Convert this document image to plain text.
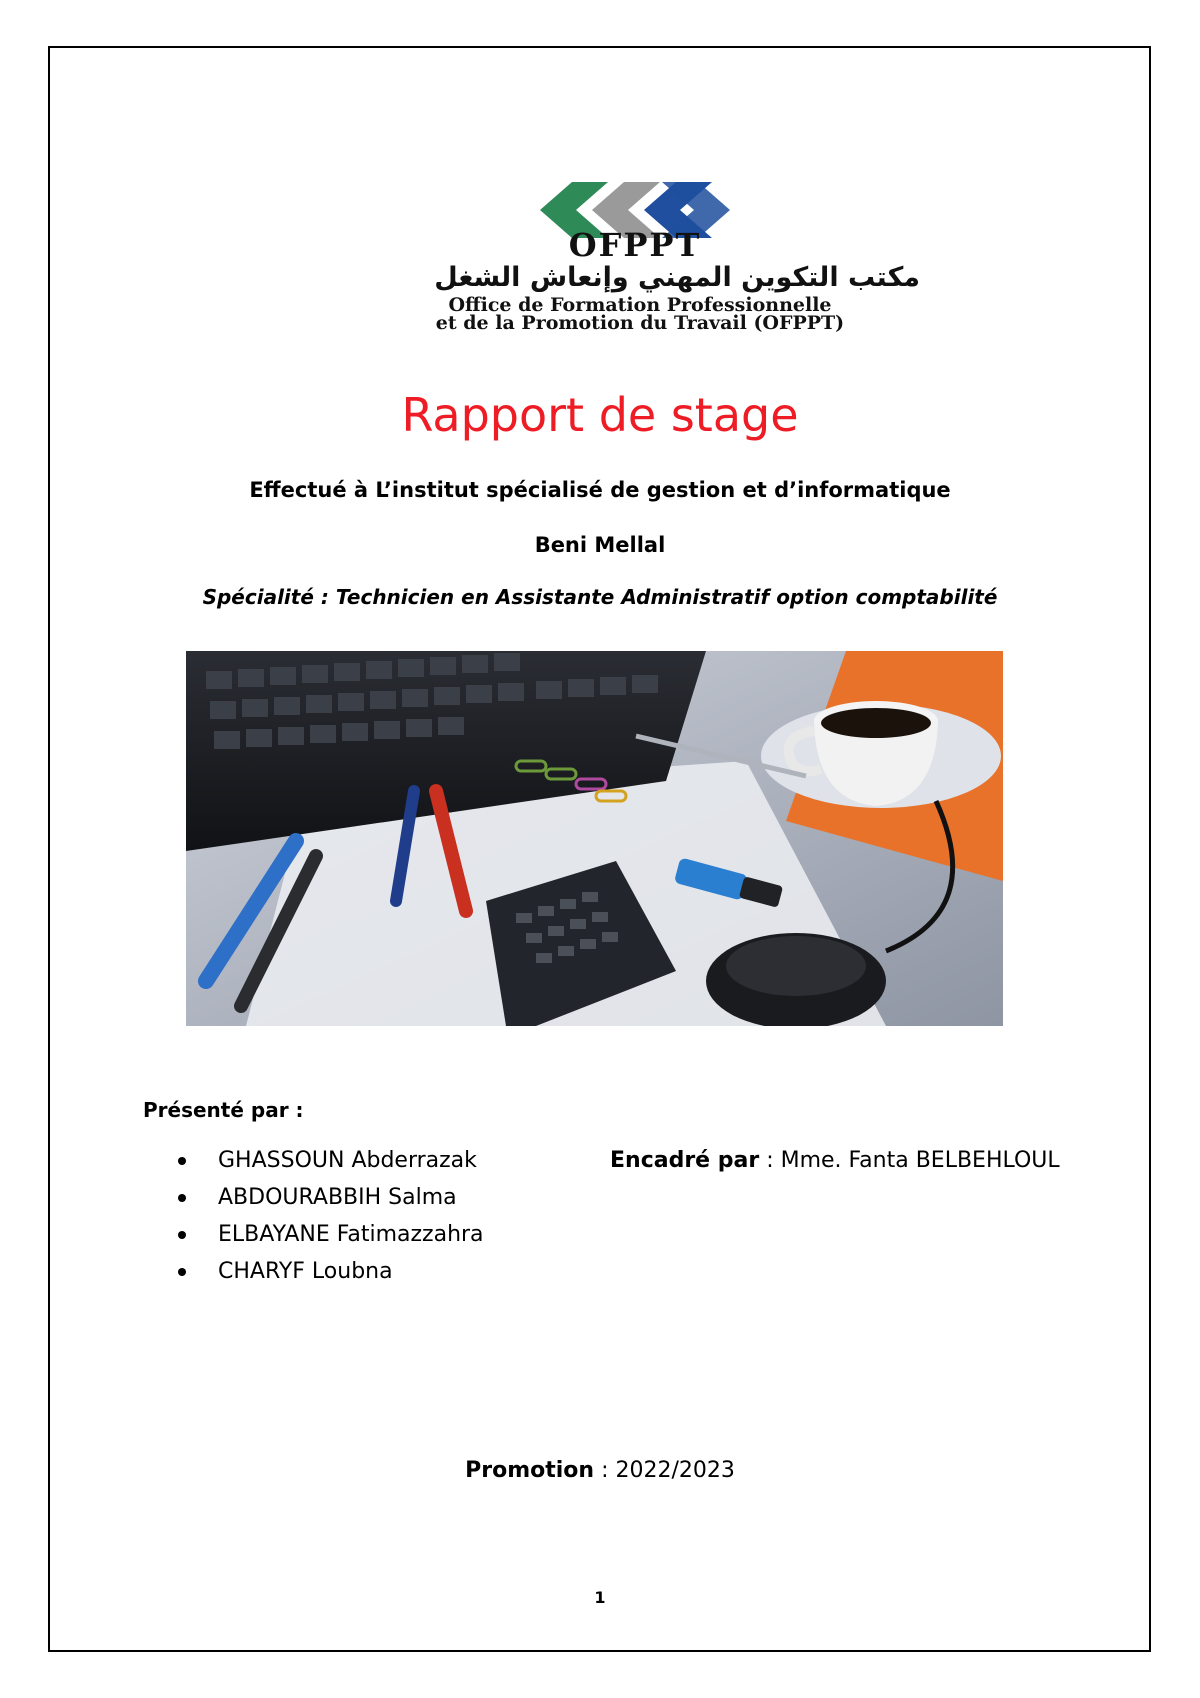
OFPPT
مكتب التكوين المهني وإنعاش الشغل
Office de Formation Professionnelle
et de la Promotion du Travail (OFPPT)
Rapport de stage
Effectué à L’institut spécialisé de gestion et d’informatique
Beni Mellal
Spécialité : Technicien en Assistante Administratif option comptabilité
Présenté par :
GHASSOUN Abderrazak
ABDOURABBIH Salma
ELBAYANE Fatimazzahra
CHARYF Loubna
Encadré par : Mme. Fanta BELBEHLOUL
Promotion : 2022/2023
1
